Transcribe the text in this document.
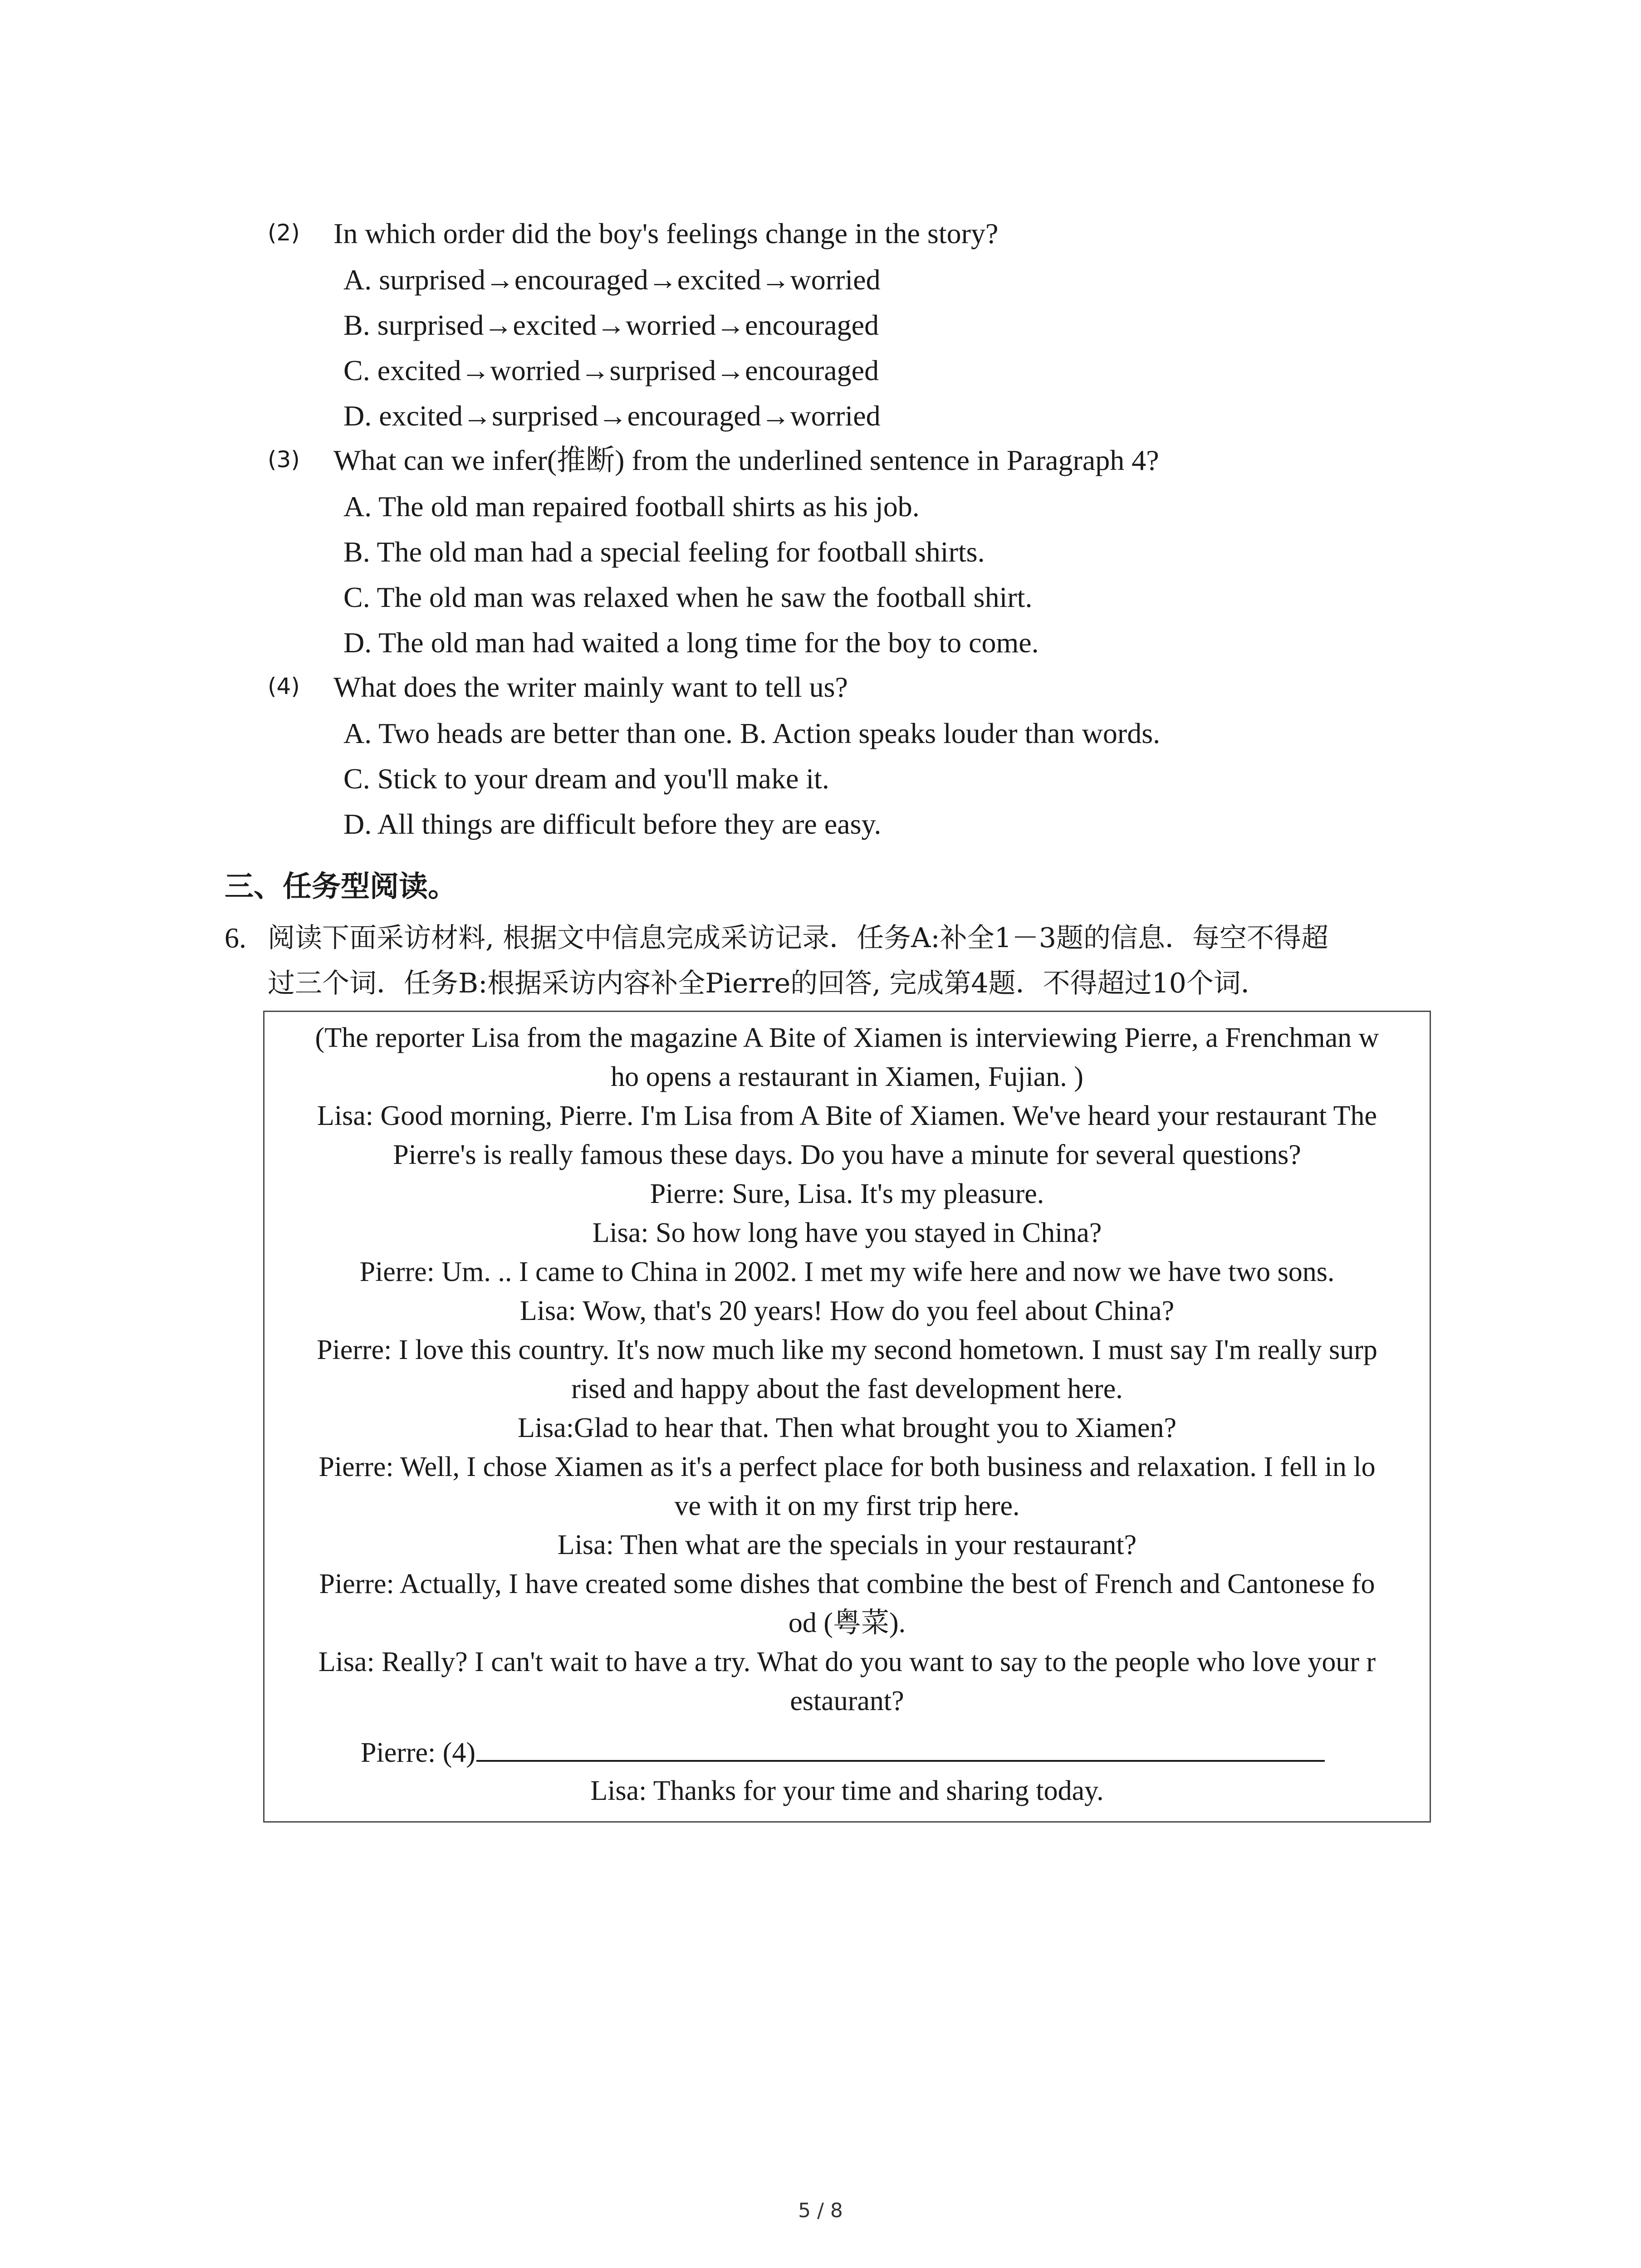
(2) In which order did the boy's feelings change in the story?
A. surprised→encouraged→excited→worried
B. surprised→excited→worried→encouraged
C. excited→worried→surprised→encouraged
D. excited→surprised→encouraged→worried
(3) What can we infer(推断) from the underlined sentence in Paragraph 4?
A. The old man repaired football shirts as his job.
B. The old man had a special feeling for football shirts.
C. The old man was relaxed when he saw the football shirt.
D. The old man had waited a long time for the boy to come.
(4) What does the writer mainly want to tell us?
A. Two heads are better than one. B. Action speaks louder than words.
C. Stick to your dream and you'll make it.
D. All things are difficult before they are easy.
三、任务型阅读。
6. 阅读下面采访材料, 根据文中信息完成采访记录．任务A:补全1－3题的信息．每空不得超
过三个词．任务B:根据采访内容补全Pierre的回答, 完成第4题．不得超过10个词．
(The reporter Lisa from the magazine A Bite of Xiamen is interviewing Pierre, a Frenchman w
ho opens a restaurant in Xiamen, Fujian. )
Lisa: Good morning, Pierre. I'm Lisa from A Bite of Xiamen. We've heard your restaurant The
Pierre's is really famous these days. Do you have a minute for several questions?
Pierre: Sure, Lisa. It's my pleasure.
Lisa: So how long have you stayed in China?
Pierre: Um. .. I came to China in 2002. I met my wife here and now we have two sons.
Lisa: Wow, that's 20 years! How do you feel about China?
Pierre: I love this country. It's now much like my second hometown. I must say I'm really surp
rised and happy about the fast development here.
Lisa:Glad to hear that. Then what brought you to Xiamen?
Pierre: Well, I chose Xiamen as it's a perfect place for both business and relaxation. I fell in lo
ve with it on my first trip here.
Lisa: Then what are the specials in your restaurant?
Pierre: Actually, I have created some dishes that combine the best of French and Cantonese fo
od (粤菜).
Lisa: Really? I can't wait to have a try. What do you want to say to the people who love your r
estaurant?
Pierre: (4)
Lisa: Thanks for your time and sharing today.
5 / 8
